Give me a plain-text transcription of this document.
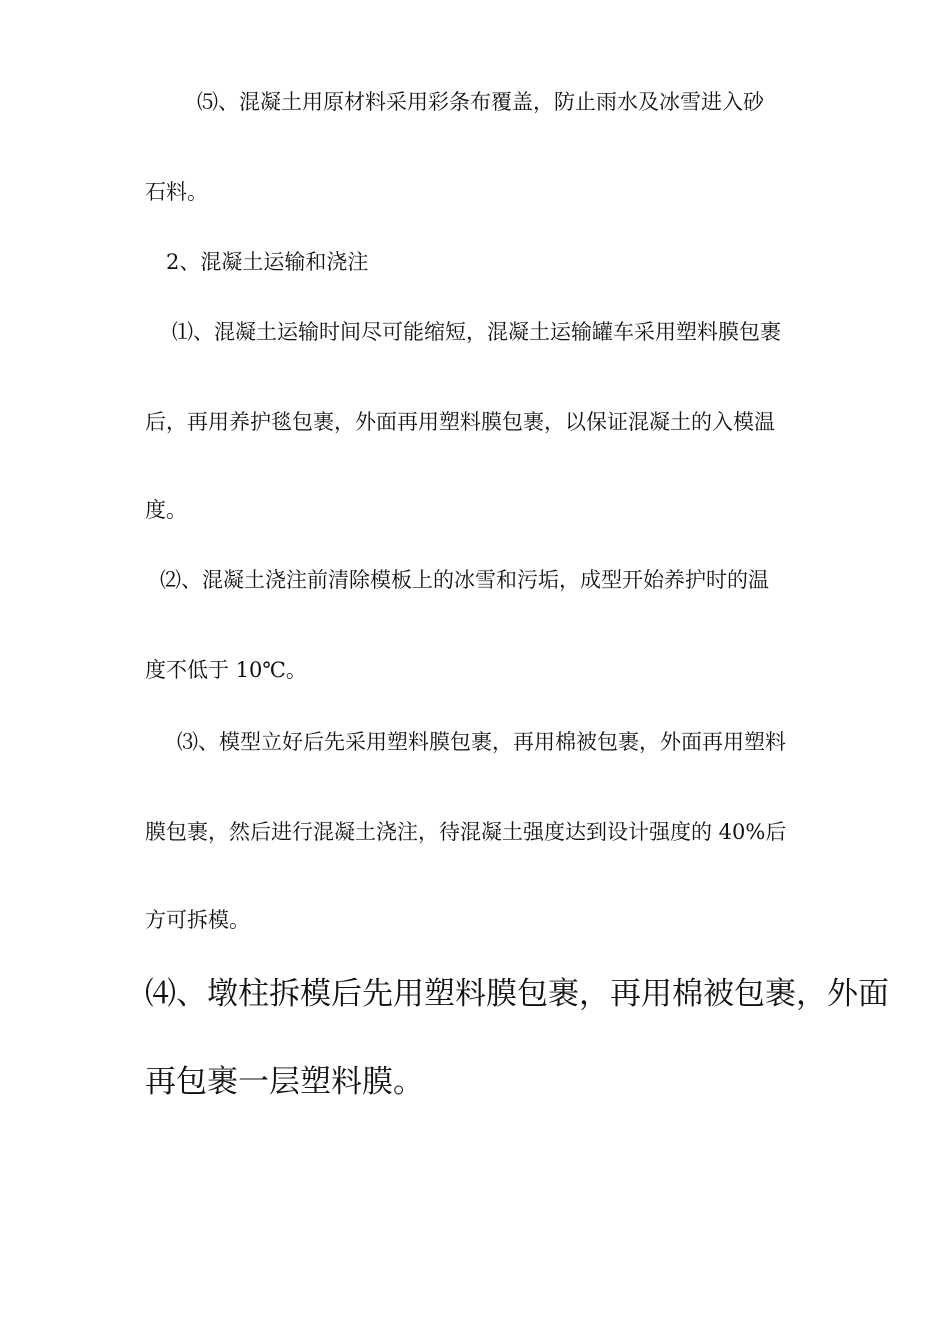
⑸、混凝土用原材料采用彩条布覆盖，防止雨水及冰雪进入砂
石料。
2、混凝土运输和浇注
⑴、混凝土运输时间尽可能缩短，混凝土运输罐车采用塑料膜包裹
后，再用养护毯包裹，外面再用塑料膜包裹，以保证混凝土的入模温
度。
⑵、混凝土浇注前清除模板上的冰雪和污垢，成型开始养护时的温
度不低于 10℃。
⑶、模型立好后先采用塑料膜包裹，再用棉被包裹，外面再用塑料
膜包裹，然后进行混凝土浇注，待混凝土强度达到设计强度的 40%后
方可拆模。
⑷、墩柱拆模后先用塑料膜包裹，再用棉被包裹，外面
再包裹一层塑料膜。
